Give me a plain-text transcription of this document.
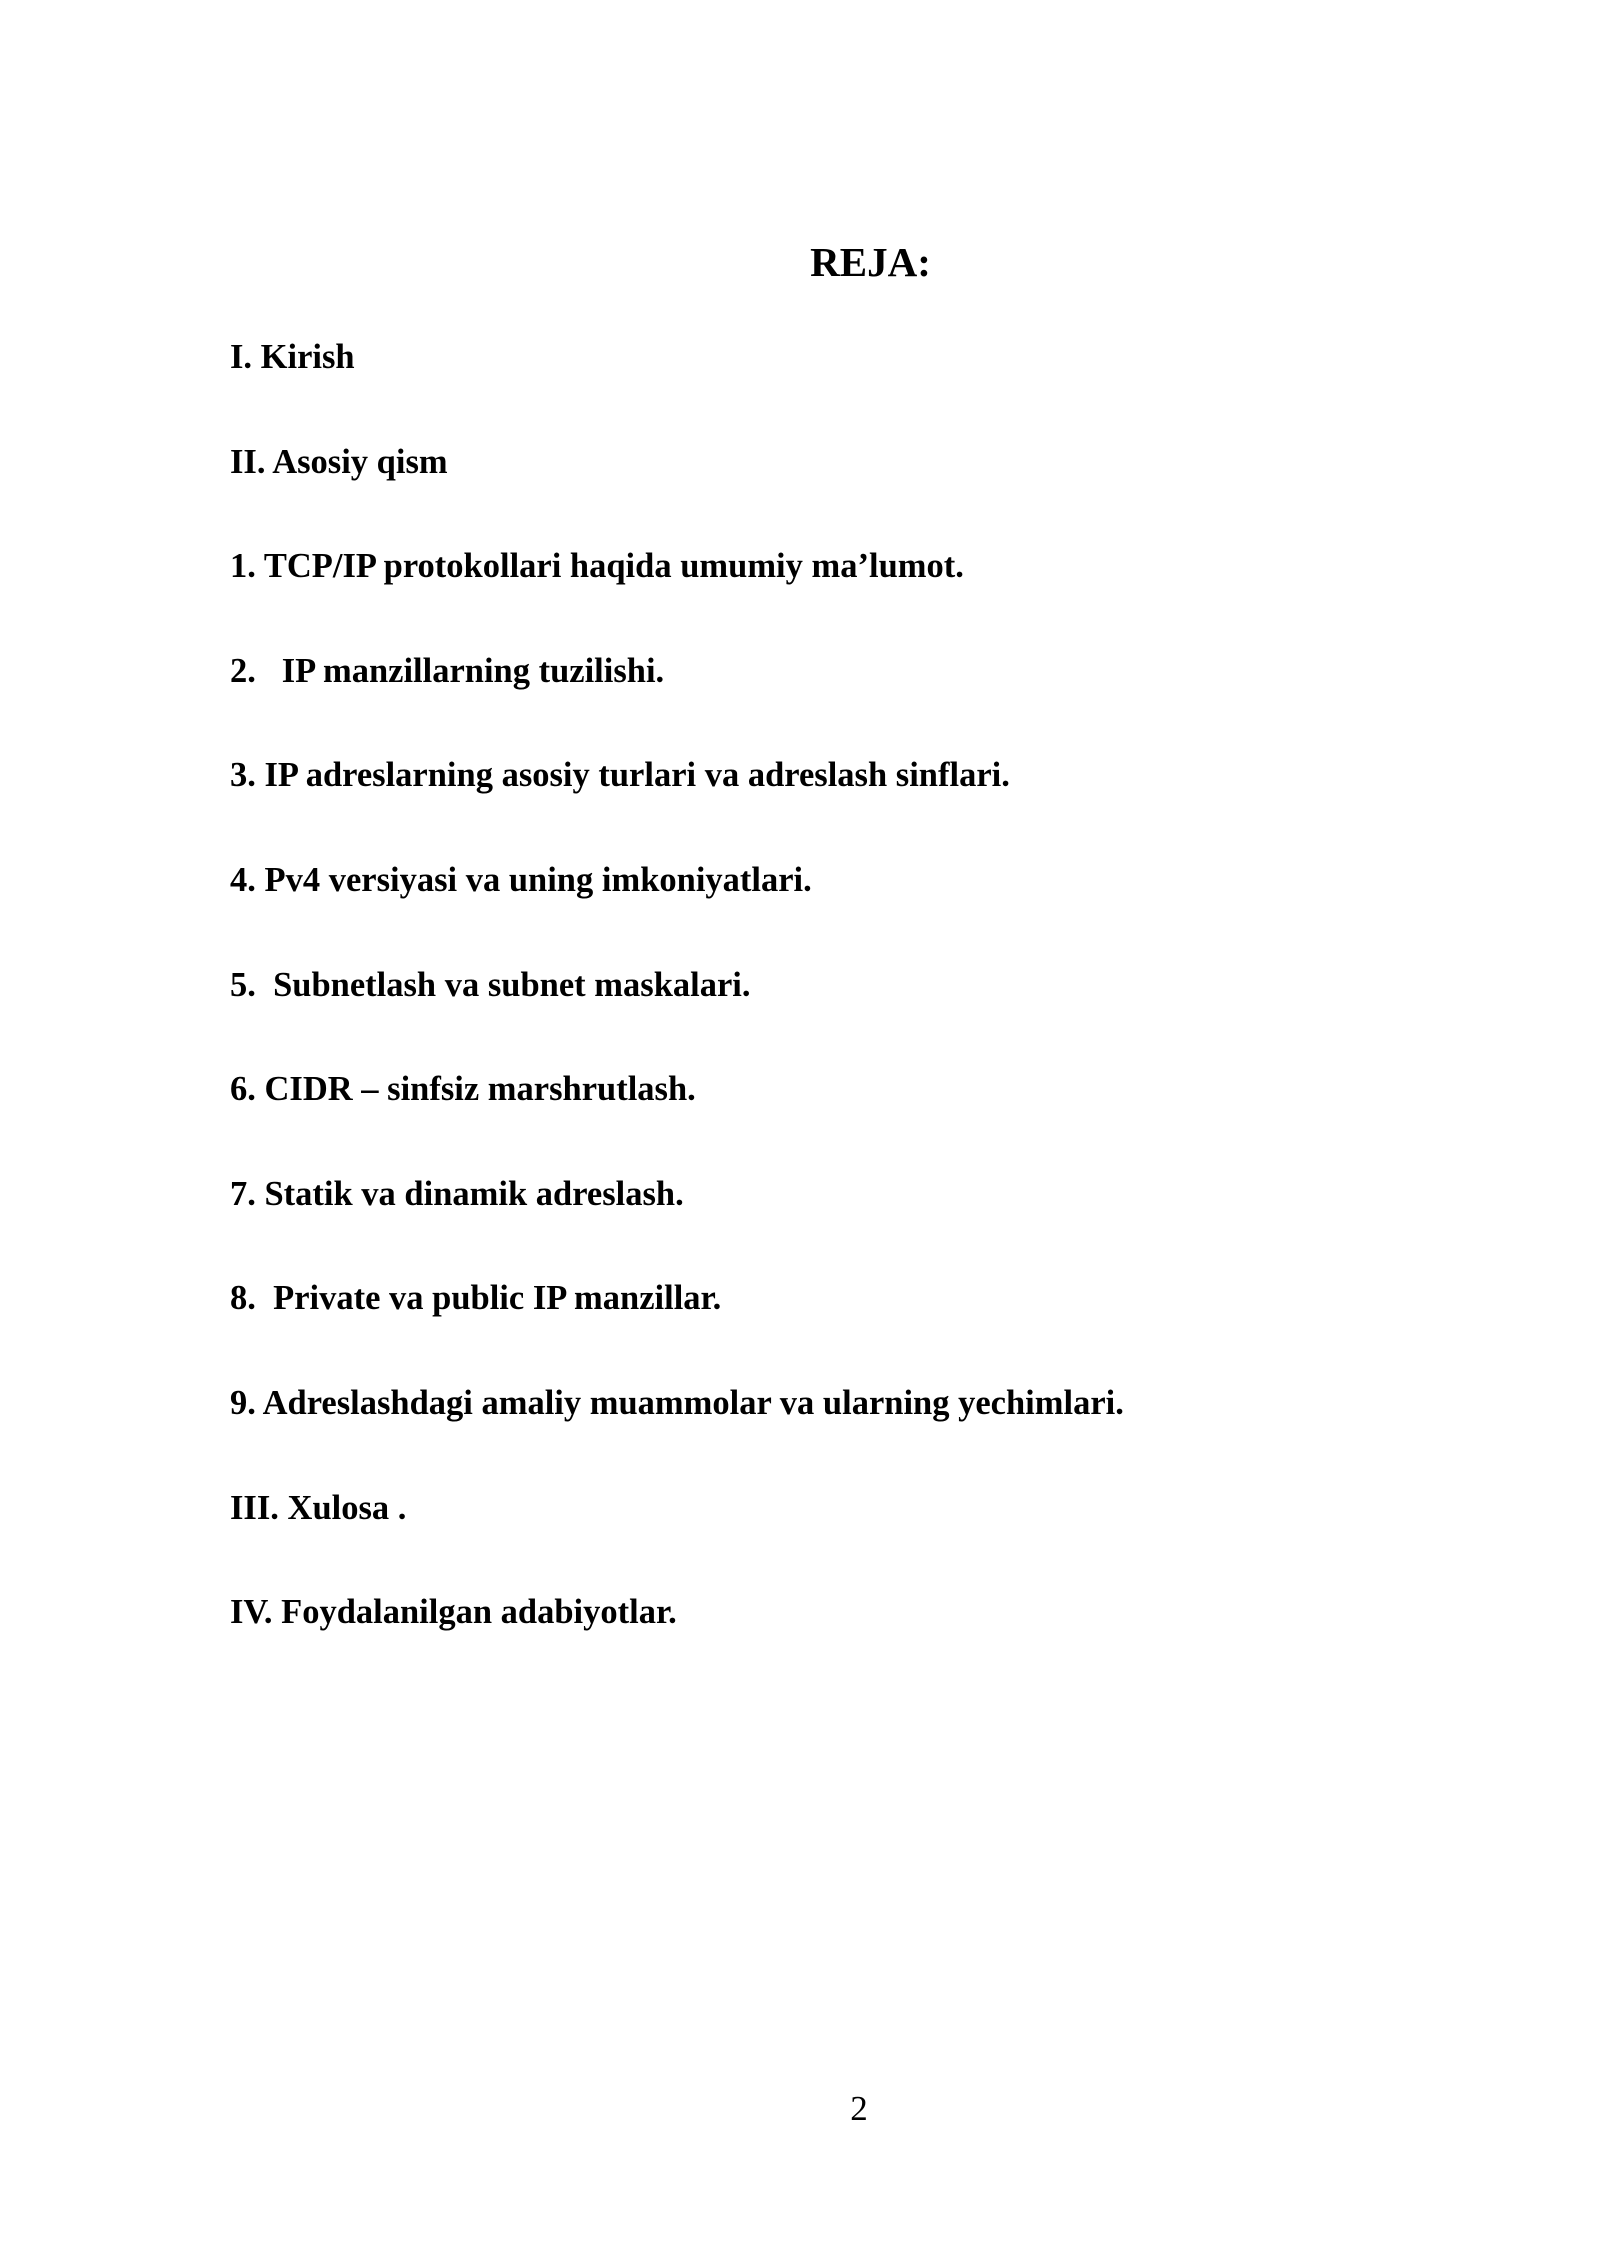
REJA:
I. Kirish
II. Asosiy qism
1. TCP/IP protokollari haqida umumiy ma’lumot.
2.   IP manzillarning tuzilishi.
3. IP adreslarning asosiy turlari va adreslash sinflari.
4. Pv4 versiyasi va uning imkoniyatlari.
5.  Subnetlash va subnet maskalari.
6. CIDR – sinfsiz marshrutlash.
7. Statik va dinamik adreslash.
8.  Private va public IP manzillar.
9. Adreslashdagi amaliy muammolar va ularning yechimlari.
III. Xulosa .
IV. Foydalanilgan adabiyotlar.
2
